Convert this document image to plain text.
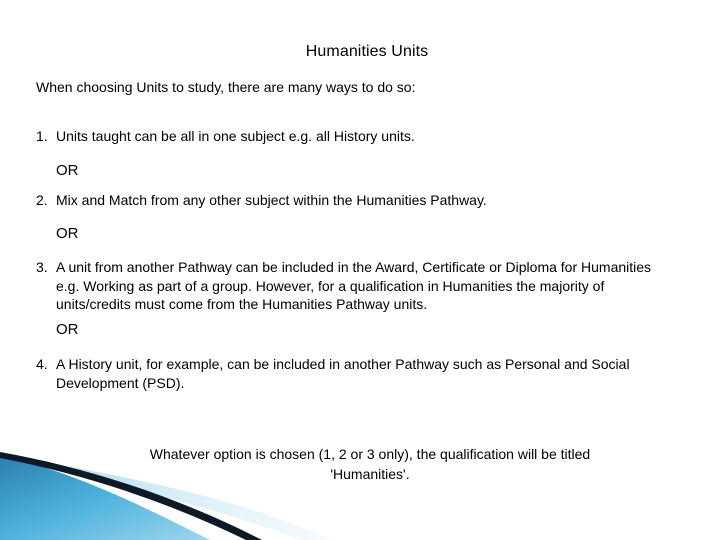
Humanities Units
When choosing Units to study, there are many ways to do so:
1. Units taught can be all in one subject e.g. all History units.
OR
2. Mix and Match from any other subject within the Humanities Pathway.
OR
3. A unit from another Pathway can be included in the Award, Certificate or Diploma for Humanities
e.g. Working as part of a group. However, for a qualification in Humanities the majority of
units/credits must come from the Humanities Pathway units.
OR
4. A History unit, for example, can be included in another Pathway such as Personal and Social
Development (PSD).
Whatever option is chosen (1, 2 or 3 only), the qualification will be titled
'Humanities'.
